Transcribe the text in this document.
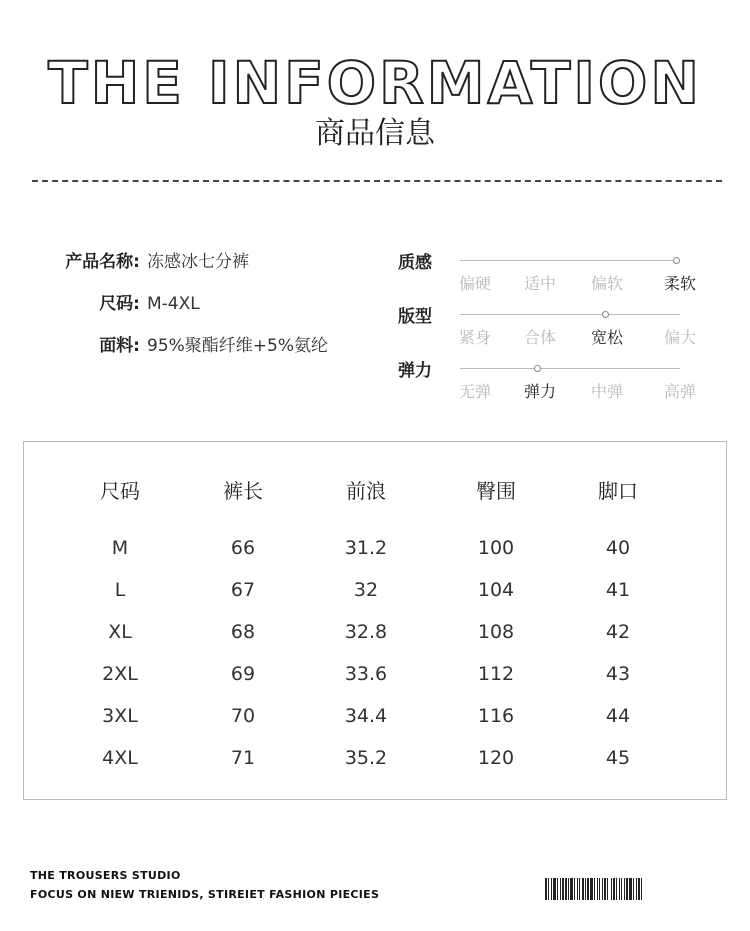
THE INFORMATION
商品信息
产品名称: 冻感冰七分裤
尺码: M-4XL
面料: 95%聚酯纤维+5%氨纶
质感
偏硬	适中	偏软	柔软
版型
紧身	合体	宽松	偏大
弹力
无弹	弹力	中弹	高弹
尺码	裤长	前浪	臀围	脚口
M	66	31.2	100	40
L	67	32	104	41
XL	68	32.8	108	42
2XL	69	33.6	112	43
3XL	70	34.4	116	44
4XL	71	35.2	120	45
THE TROUSERS STUDIO
FOCUS ON NIEW TRIENIDS, STIREIET FASHION PIECIES
